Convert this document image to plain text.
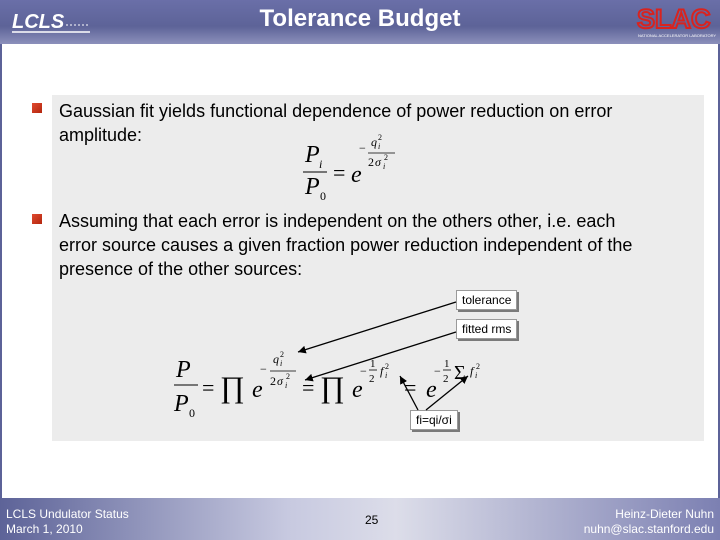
LCLS	Tolerance Budget	SLAC
NATIONAL ACCELERATOR LABORATORY
Gaussian fit yields functional dependence of power reduction on error
amplitude:
P i
P 0
= e
− q i
2
2 σ i
2
Assuming that each error is independent on the others other, i.e. each
error source causes a given fraction power reduction independent of the
presence of the other sources:
tolerance
fitted rms
fi=qi/σi
P
P 0
= ∏ e
−
q i
2
2 σ i
2 = ∏ e
− 1
2
f i
2
= e
− 1
2 Σ f i
2
LCLS Undulator Status
March 1, 2010
25	Heinz-Dieter Nuhn
nuhn@slac.stanford.edu
